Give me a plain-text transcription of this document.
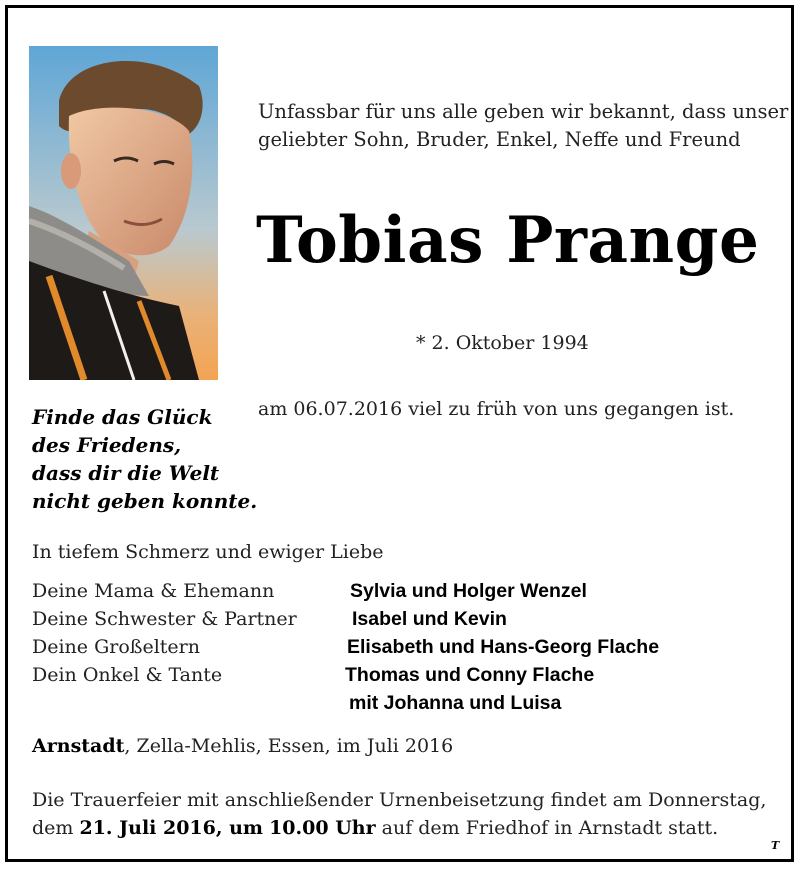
Unfassbar für uns alle geben wir bekannt, dass unser
geliebter Sohn, Bruder, Enkel, Neffe und Freund
Tobias Prange
* 2. Oktober 1994
am 06.07.2016 viel zu früh von uns gegangen ist.
Finde das Glück
des Friedens,
dass dir die Welt
nicht geben konnte.
In tiefem Schmerz und ewiger Liebe
Deine Mama & Ehemann	Sylvia und Holger Wenzel
Deine Schwester & Partner	Isabel und Kevin
Deine Großeltern	Elisabeth und Hans-Georg Flache
Dein Onkel & Tante	Thomas und Conny Flache
mit Johanna und Luisa
Arnstadt, Zella-Mehlis, Essen, im Juli 2016
Die Trauerfeier mit anschließender Urnenbeisetzung findet am Donnerstag,
dem 21. Juli 2016, um 10.00 Uhr auf dem Friedhof in Arnstadt statt.
T
